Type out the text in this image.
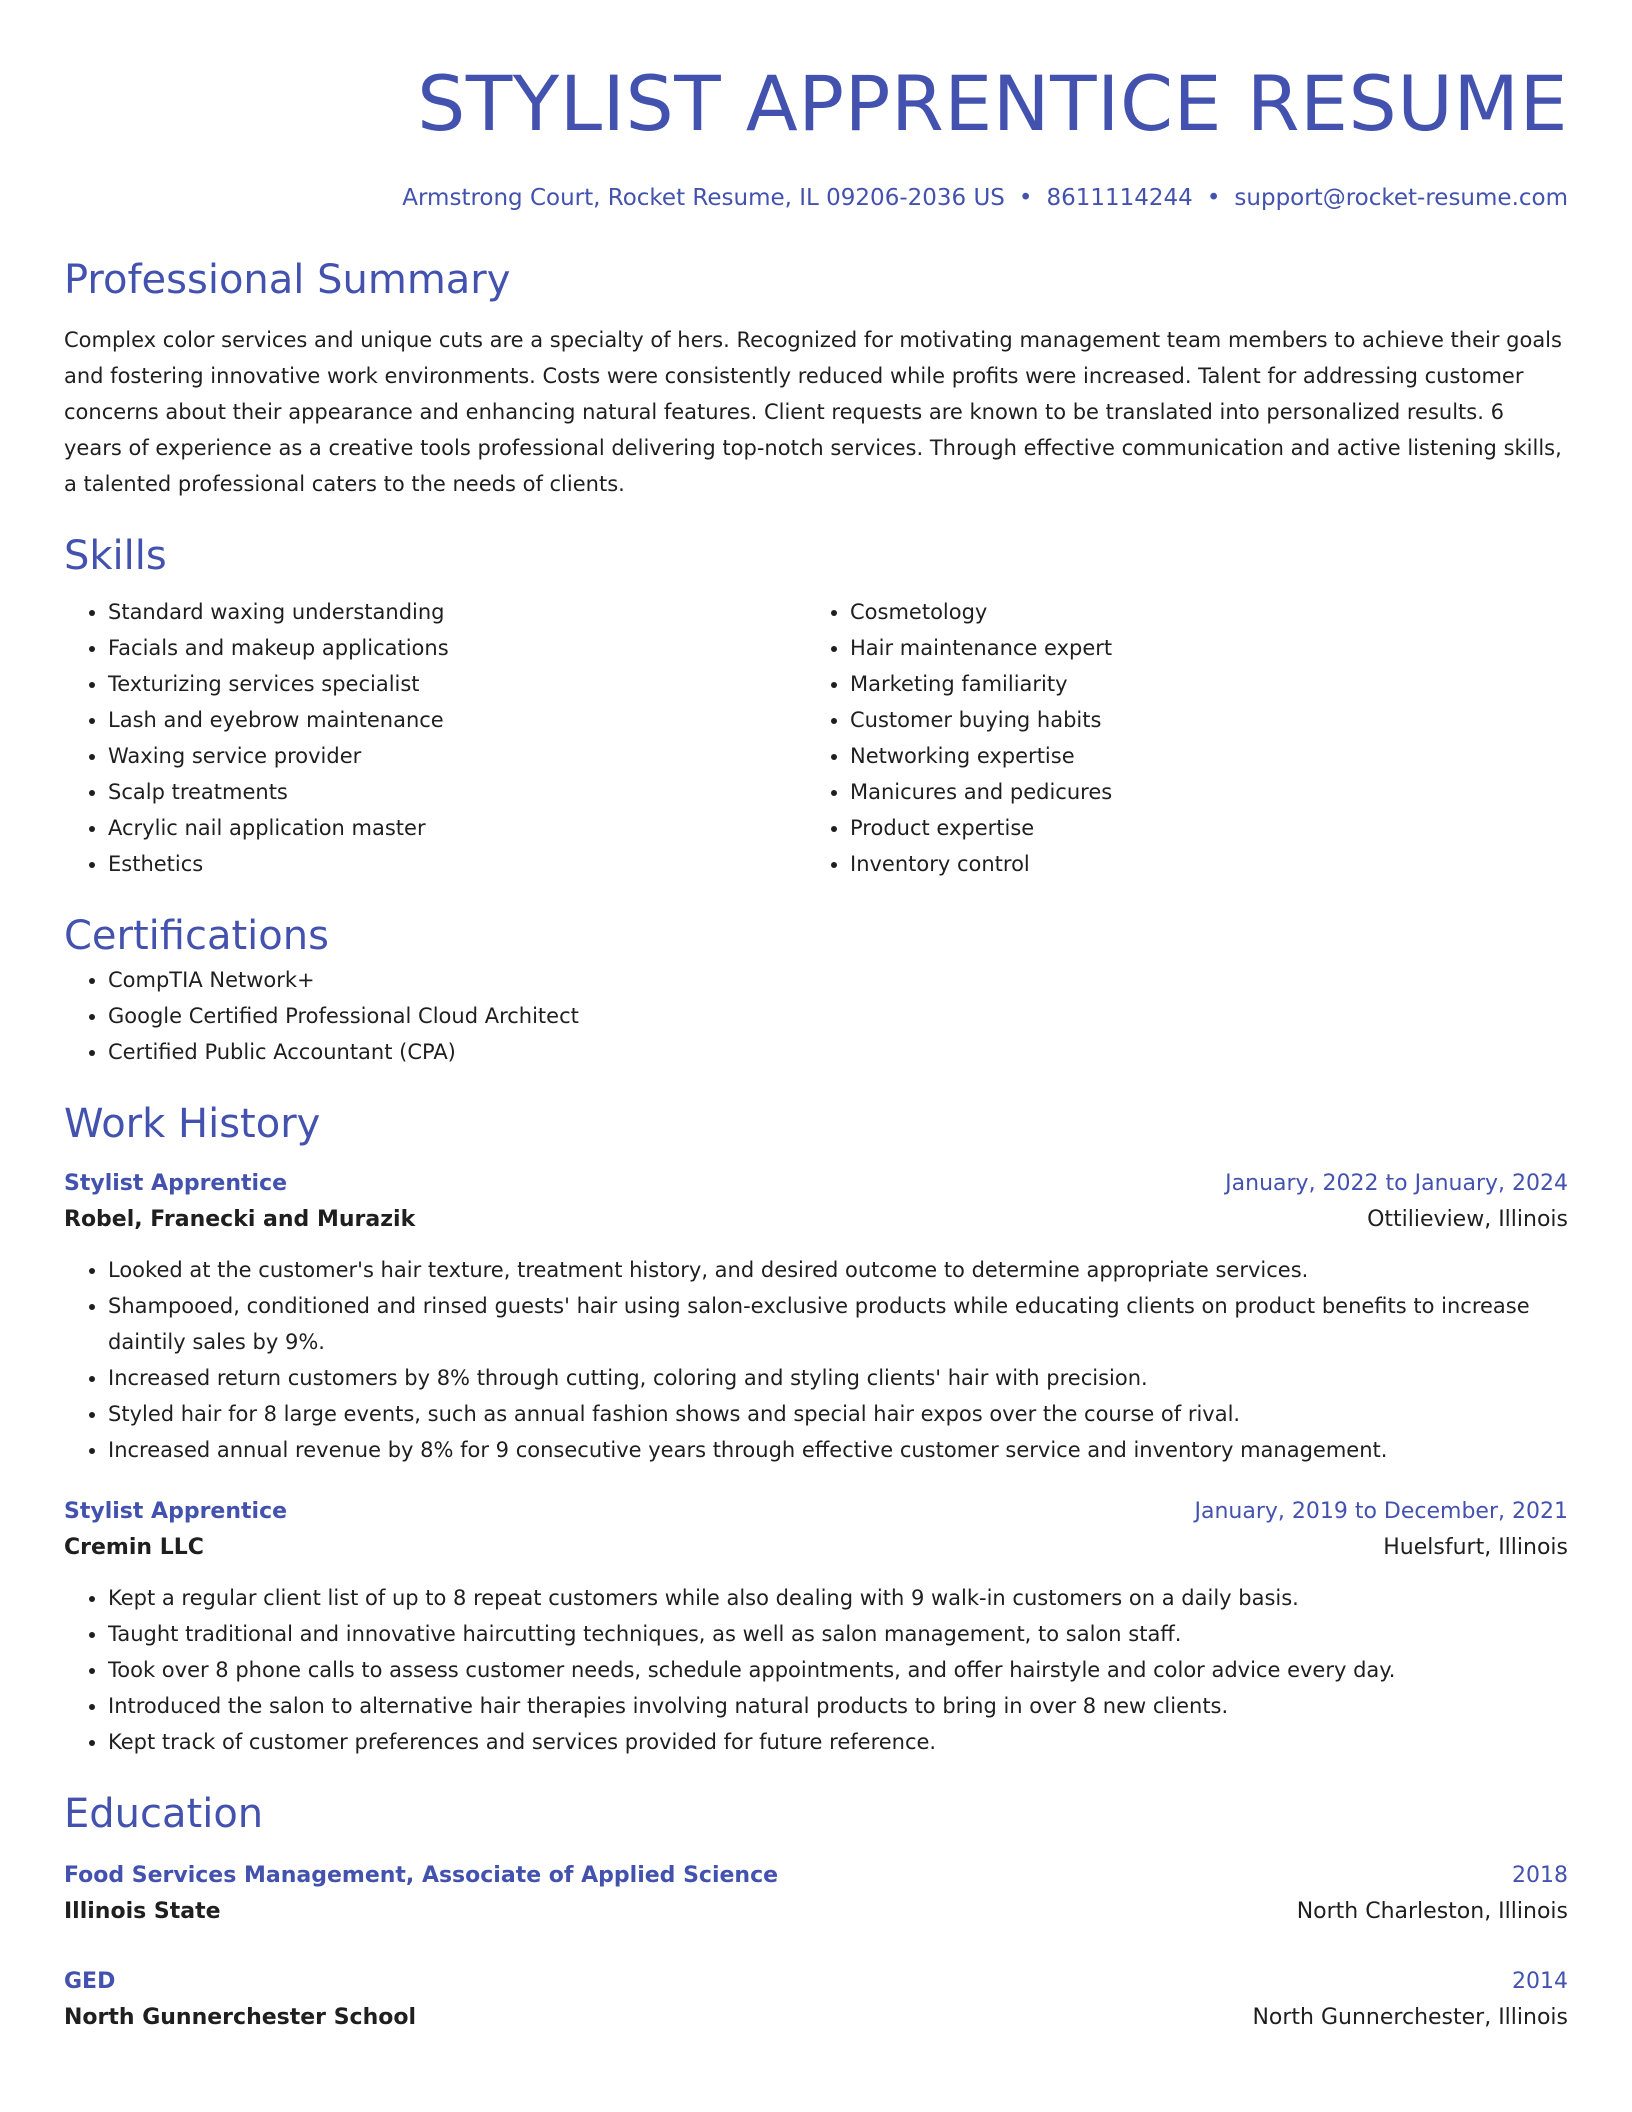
STYLIST APPRENTICE RESUME
Armstrong Court, Rocket Resume, IL 09206-2036 US • 8611114244 • support@rocket-resume.com
Professional Summary
Complex color services and unique cuts are a specialty of hers. Recognized for motivating management team members to achieve their goals and fostering innovative work environments. Costs were consistently reduced while profits were increased. Talent for addressing customer concerns about their appearance and enhancing natural features. Client requests are known to be translated into personalized results. 6 years of experience as a creative tools professional delivering top-notch services. Through effective communication and active listening skills, a talented professional caters to the needs of clients.
Skills
• Standard waxing understanding
• Facials and makeup applications
• Texturizing services specialist
• Lash and eyebrow maintenance
• Waxing service provider
• Scalp treatments
• Acrylic nail application master
• Esthetics
• Cosmetology
• Hair maintenance expert
• Marketing familiarity
• Customer buying habits
• Networking expertise
• Manicures and pedicures
• Product expertise
• Inventory control
Certifications
• CompTIA Network+
• Google Certified Professional Cloud Architect
• Certified Public Accountant (CPA)
Work History
Stylist Apprentice	January, 2022 to January, 2024
Robel, Franecki and Murazik	Ottilieview, Illinois
• Looked at the customer's hair texture, treatment history, and desired outcome to determine appropriate services.
• Shampooed, conditioned and rinsed guests' hair using salon-exclusive products while educating clients on product benefits to increase daintily sales by 9%.
• Increased return customers by 8% through cutting, coloring and styling clients' hair with precision.
• Styled hair for 8 large events, such as annual fashion shows and special hair expos over the course of rival.
• Increased annual revenue by 8% for 9 consecutive years through effective customer service and inventory management.
Stylist Apprentice	January, 2019 to December, 2021
Cremin LLC	Huelsfurt, Illinois
• Kept a regular client list of up to 8 repeat customers while also dealing with 9 walk-in customers on a daily basis.
• Taught traditional and innovative haircutting techniques, as well as salon management, to salon staff.
• Took over 8 phone calls to assess customer needs, schedule appointments, and offer hairstyle and color advice every day.
• Introduced the salon to alternative hair therapies involving natural products to bring in over 8 new clients.
• Kept track of customer preferences and services provided for future reference.
Education
Food Services Management, Associate of Applied Science	2018
Illinois State	North Charleston, Illinois
GED	2014
North Gunnerchester School	North Gunnerchester, Illinois
